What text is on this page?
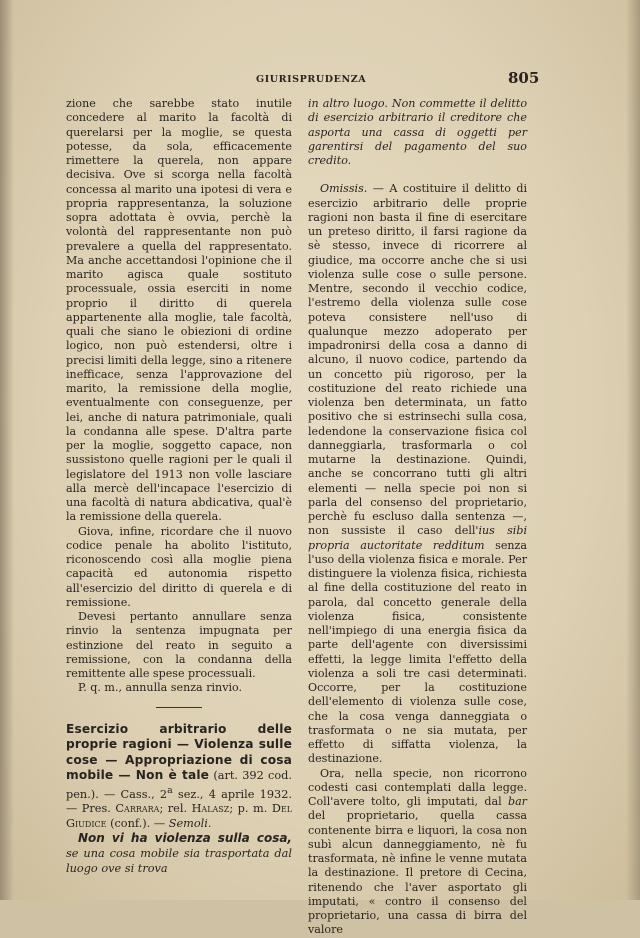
GIURISPRUDENZA	805

zione che sarebbe stato inutile concedere al marito la facoltà di querelarsi per la moglie, se questa potesse, da sola, efficacemente rimettere la querela, non appare decisiva. Ove si scorga nella facoltà concessa al marito una ipotesi di vera e propria rappresentanza, la soluzione sopra adottata è ovvia, perchè la volontà del rappresentante non può prevalere a quella del rappresentato. Ma anche accettandosi l'opinione che il marito agisca quale sostituto processuale, ossia eserciti in nome proprio il diritto di querela appartenente alla moglie, tale facoltà, quali che siano le obiezioni di ordine logico, non può estendersi, oltre i precisi limiti della legge, sino a ritenere inefficace, senza l'approvazione del marito, la remissione della moglie, eventualmente con conseguenze, per lei, anche di natura patrimoniale, quali la condanna alle spese. D'altra parte per la moglie, soggetto capace, non sussistono quelle ragioni per le quali il legislatore del 1913 non volle lasciare alla mercè dell'incapace l'esercizio di una facoltà di natura abdicativa, qual'è la remissione della querela.

Giova, infine, ricordare che il nuovo codice penale ha abolito l'istituto, riconoscendo così alla moglie piena capacità ed autonomia rispetto all'esercizio del diritto di querela e di remissione.

Devesi pertanto annullare senza rinvio la sentenza impugnata per estinzione del reato in seguito a remissione, con la condanna della remittente alle spese processuali.

P. q. m., annulla senza rinvio.

Esercizio arbitrario delle proprie ragioni — Violenza sulle cose — Appropriazione di cosa mobile — Non è tale (art. 392 cod. pen.). — Cass., 2$^a$ sez., 4 aprile 1932. — Pres. Carrara; rel. Halasz; p. m. Del Giudice (conf.). — Semoli.

Non vi ha violenza sulla cosa, se una cosa mobile sia trasportata dal luogo ove si trova

in altro luogo. Non commette il delitto di esercizio arbitrario il creditore che asporta una cassa di oggetti per garentirsi del pagamento del suo credito.

Omissis. — A costituire il delitto di esercizio arbitrario delle proprie ragioni non basta il fine di esercitare un preteso diritto, il farsi ragione da sè stesso, invece di ricorrere al giudice, ma occorre anche che si usi violenza sulle cose o sulle persone. Mentre, secondo il vecchio codice, l'estremo della violenza sulle cose poteva consistere nell'uso di qualunque mezzo adoperato per impadronirsi della cosa a danno di alcuno, il nuovo codice, partendo da un concetto più rigoroso, per la costituzione del reato richiede una violenza ben determinata, un fatto positivo che si estrinsechi sulla cosa, ledendone la conservazione fisica col danneggiarla, trasformarla o col mutarne la destinazione. Quindi, anche se concorrano tutti gli altri elementi — nella specie poi non si parla del consenso del proprietario, perchè fu escluso dalla sentenza —, non sussiste il caso dell'ius sibi propria auctoritate redditum senza l'uso della violenza fisica e morale. Per distinguere la violenza fisica, richiesta al fine della costituzione del reato in parola, dal concetto generale della violenza fisica, consistente nell'impiego di una energia fisica da parte dell'agente con diversissimi effetti, la legge limita l'effetto della violenza a soli tre casi determinati. Occorre, per la costituzione dell'elemento di violenza sulle cose, che la cosa venga danneggiata o trasformata o ne sia mutata, per effetto di siffatta violenza, la destinazione.

Ora, nella specie, non ricorrono codesti casi contemplati dalla legge. Coll'avere tolto, gli imputati, dal bar del proprietario, quella cassa contenente birra e liquori, la cosa non subì alcun danneggiamento, nè fu trasformata, nè infine le venne mutata la destinazione. Il pretore di Cecina, ritenendo che l'aver asportato gli imputati, « contro il consenso del proprietario, una cassa di birra del valore
